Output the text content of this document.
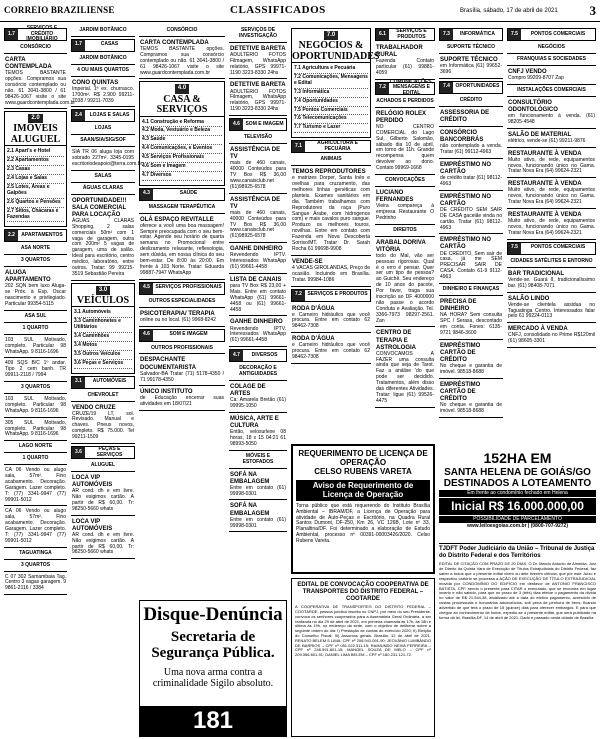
CORREIO BRAZILIENSE	CLASSIFICADOS	Brasília, sábado, 17 de abril de 2021 3
1.7
SERVIÇOS E CRÉDITO IMOBILIÁRIO
CONSÓRCIO
CARTA CONTEMPLADA
TEMOS BASTANTE opções. Compramos sua consórcio contemplado ou não. 61 3041-3800 / 61 98426-1067 visite o site www.guardcontemplada.com.br
2.0
IMÓVEIS ALUGUEL
2.1 Apart's e Hotel
2.2 Apartamentos
2.3 Casas
2.4 Lojas e Salas
2.5 Lotes, Áreas e Galpões
2.6 Quartos e Pensões
2.7 Sítios, Chácaras e Fazendas
2.2	APARTAMENTOS
ASA NORTE
3 QUARTOS
ALUGA APARTAMENTO
202 SQN bem luxo Aluga-se Próx. à Esp. Oscar nascimento e privilegiado. Particular 99354-5115
ASA SUL
1 QUARTO
103 SUL Motivado, completo. Particular 98 WhatsApp. 9 8116-1696
409 SQS B/C 1º andar. Tipo 2 cem banh. TR 99911-2118 / 7994
3 QUARTOS
103 SUL Motivado, completo. Particular 98 WhatsApp. 9 8116-1696
305 SUL Motivado, completo. Particular 98 WhatsApp. 9 8116-1696
LAGO NORTE
1 QUARTO
CA 06 Vendo ou alugo sala, 57m². Fino acabamento. Decoração. Garagem. Lazer completo. T: (77) 3341-9947 (77) 99901-5012
CA 06 Vendo ou alugo sala, 57m². Fino acabamento. Decoração. Garagem. Lazer completo. T: (77) 3341-9947 (77) 99901-5012
TAGUATINGA
3 QUARTOS
C 07 302 Samambaia Tag. Centro 3 vagas garagem. 9 9861-2116 / 3384
JARDIM BOTÂNICO
1.7	CASAS
JARDIM BOTÂNICO
4 OU MAIS QUARTOS
CONO QUINTAS
Imperial. 1ª ex. churrasco. 1700m². R$ 2.900 99211-7038 / 99211-7039
2.4	LOJAS E SALAS
LOJAS
SAAN/SIA/SIG/SOF
SIA TR 06 aluga loja com sobrado 227m². 3345-0195 escritoriodeapoio@terra.com.br
SALAS
ÁGUAS CLARAS
OPORTUNIDADE!!! SALA COMERCIAL PARA LOCAÇÃO
ÁGUAS CLARAS Shopping, 2 salas comerciais 50m² com 1 vaga de garagem, outra com 200m² 5 vagas de garagem, uma de salão. Ideal para escritório, centro médico, laboratório, entre outros. Tratar: 99 99215-3519 Sebastião Pereira
3.0
VEÍCULOS
3.1 Automóveis
3.3 Caminhonetes e Utilitários
3.4 Caminhões
3.4 Motos
3.5 Outros Veículos
3.6 Peças e Serviços
3.1	AUTOMÓVEIS
CHEVROLET
VENDO CRUZE
CRUZE/19 LT, sol. Revisado. Manual e chaves. Pneus novos, completo. R$ 75.000. Tel 99211-1509
3.6	PEÇAS E SERVIÇOS
ALUGUEL
LOCA VIP AUTOMÓVEIS
AR cond. dh e em livre. Não exigimos cartão. A partir de R$ 60,00. Tr: 98250-5660 whats
LOCA VIP AUTOMÓVEIS
AR cond. dh e em livre. Não exigimos cartão. A partir de R$ 60,00. Tr: 98250-5660 whats
CONSÓRCIO
CARTA CONTEMPLADA
TEMOS BASTANTE opções. Compramos sua consórcio contemplado ou não. 61 3041-3800 / 61 98426-1067 visite o site www.guardcontemplada.com.br
4.0
CASA & SERVIÇOS
4.1 Construção e Reforma
4.2 Moda, Vestuário e Beleza
4.3 Saúde
4.4 Comunicações, e Eventos
4.5 Serviços Profissionais
4.6 Som e Imagem
4.7 Diversos
4.3	SAÚDE
MASSAGEM TERAPÊUTICA
OLÁ ESPAÇO REVITALLE
oferece a você uma boa massagem! Sempre preocupada com o seu bem-estar. Agende seu horário de quarta semana no Promocional entre deslizamento relaxante, reflexologia, sem dúvida, em nossa clínica do seu bem-estar. De 8:00 às 20:00. Em frente à 103 Norte. Tratar: Eduarda 99887-7947 WhatsApp
4.5	SERVIÇOS PROFISSIONAIS
OUTROS ESPECIALIDADES
PSICOTERAPIA/ TERAPIA
online ou no local. (61) 9968-8242
4.6	SOM E IMAGEM
OUTROS PROFISSIONAIS
DESPACHANTE DOCUMENTARISTA
Salvador-BA Tratar (71) 5178-4350 / 71 99178-4350
ÚNICO INSTITUTO
de Educação encerrar suas atividades em 18/07/21
SERVIÇOS DE INVESTIGAÇÃO
DETETIVE BARETA
ADULTÉRIO FOTOS Filmagem, WhatsApp relatório, GPS 99971-1190 3223-8330 24hs
DETETIVE BARETA
ADULTÉRIO FOTOS Filmagem, WhatsApp relatório, GPS 99971-1190 3223-8330 24hs
4.6	SOM E IMAGEM
TELEVISÃO
ASSISTÊNCIA DE TV
mais de 460 canais, 40000 Conteúdos para TV Box R$ 36,00 www.canaisclub.net (61)98925-6578
ASSISTÊNCIA DE TV
mais de 460 canais, 40000 Conteúdos para TV Box R$ 36,00 www.canaisclub.net (61)98925-6578
GANHE DINHEIRO
Revendendo IPTV. Interessados WhatsApp (61) 99661-4458
LISTA DE CANAIS
para TV Box R$ 23,00 + Mais. Entre em contato WhatsApp (61) 99661-4458 ou (61) 99661-4458
GANHE DINHEIRO
Revendendo IPTV. Interessados WhatsApp (61) 99661-4458
4.7	DIVERSOS
DECORAÇÃO E ANTIGUIDADES
COLAGE DE ARTES
Ca: Amarela Bretão (61) 99995-1050
MÚSICA, ARTE E CULTURA
Então, velosurlexe 08 horas, 18 x 15 04:21 61 98993-5050
MÓVEIS E ESTOFADOS
SOFÁ NA EMBALAGEM
Entre em contato (61) 99998-0301
SOFÁ NA EMBALAGEM
Entre em contato (61) 99998-0301
7.0
NEGÓCIOS & OPORTUNIDADES
7.1 Agricultura e Pecuária
7.2 Comunicações, Mensagens e Edital
7.3 Informática
7.4 Oportunidades
7.5 Pontos Comerciais
7.6 Telecomunicações
7.7 Turismo e Lazer
7.1	AGRICULTURA E PECUÁRIA
ANIMAIS
TEMOS REPRODUTORES
e matrizes Dorper, Santa Inês e ovelhas para cruzamento, das melhores linhas genéticas com planteis. Exames sanitários em dia. Também trabalhamos com Reprodutores da raça (Puro Sangue Árabe, com hidrogenos com) e mais cavalos puro sangue. Produzo os melhores touros, novilhas. Entre em contato com Fazenda em Nova Descoberta Sorriso/MT. Tratar Dr. Sarah Rocha 61 99698-9908
VENDE-SE
4 VACAS GIROLANDAS, Preço de ocasião. Incluindo em Brasília. Tratar. 99984-1086
7.2	SERVIÇOS E PRODUTOS
RODA D'ÁGUA
e Carneiro hidráulico que você procura. Entre em contato 62 98462-7308
RODA D'ÁGUA
e Carneiro hidráulico que você procura. Entre em contato 62 98462-7308
6.1	SERVIÇOS E PRODUTOS
TRABALHADOR RURAL
Fazenda Contato particular (61) 99881-4059
7.2
COMUNICAÇÕES, MENSAGENS E EDITAL
ACHADOS E PERDIDOS
RELÓGIO ROLEX PERDIDO
NO CENTRO COMERCIAL do Lago Sul, Gilberto Salomão, sábado dia 10 de abril, em torno de 11h. Grande recompensa quem devolver ao dono. Contato 99969-1668
CONVOCAÇÕES
LUCIANO FERNANDES
Vieira compareça à empresa Restaurante O Pedrinho
DIREITOS
ARABAL DORIVA VITÓRIA
todo do Mal, vão ser pessoas rigorosas. Qual é o erro é pensar. Quer ser um tipo de pessoa? ao Guichê. Seu endereço de 10 anos do pacote, Por favor, traga sua inscrição ao DF 4000000 não passe o acordo Conduta e Avaliação. Tel. 3366-7973 98297-2561. Zan
CENTRO DE TERAPIA E ASTROLOGIA
CONVOCAMOS A FAZER uma consulta ainda que seja de Tarot. Faz a análise 'do que pode ser decidido. Tratamentos, além disso das diferentes Atividades. Tratar: ligue (61) 99526-4475
7.3	INFORMÁTICA
SUPORTE TÉCNICO
SUPORTE TÉCNICO
em Informática (61) 99652-3696
7.4	OPORTUNIDADES
CRÉDITO
ASSESSORIA DE CRÉDITO
CONSÓRCIO BANCORBRÁS
não contemplado a venda. Tratar (61) 99112-4963
EMPRÉSTIMO NO CARTÃO
de crédito tratar (61) 98112-4963
EMPRÉSTIMO NO CARTÃO
DE CRÉDITO SEM SAIR DE CASA gaceiãe vinda no cartão. Tratar (61) 98112-4963
EMPRÉSTIMO NO CARTÃO
DE CRÉDITO, Sem sair de casa, já me SEM PRECISAR SAIR DE CASA. Contato 61-9 9112-4963
DINHEIRO E FINANÇAS
PRECISA DE DINHEIRO
NA HORA? Sem consulta SPC / Serasa, descontado em conta. Fones: 6135-9721 9846-3600
EMPRÉSTIMO CARTÃO DE CRÉDITO
No cheque e garantia de imóvel. 98518-8688
EMPRÉSTIMO CARTÃO DE CRÉDITO
No cheque e garantia de imóvel. 98518-8688
7.5	PONTOS COMERCIAIS
NEGÓCIOS
FRANQUIAS E SOCIEDADES
CNFJ VENDO
Compro 99209-8707 Zap
INSTALAÇÕES COMERCIAIS
CONSULTÓRIO ODONTOLÓGICO
em funcionamento à venda. (61) 98205-4548
SALÃO DE MATERIAL
elétrico, vende-se (61) 99211-9876
RESTAURANTE À VENDA
Muito ativo, de rede, equipamentos novos, funcionando único no Gama. Tratar Nova Era (64) 99624-2321
RESTAURANTE À VENDA
Muito ativo, de rede, equipamentos novos, funcionando único no Gama. Tratar Nova Era (64) 99624-2321
RESTAURANTE À VENDA
Muito ativo, de rede, equipamentos novos, funcionando único no Gama. Tratar Nova Era (64) 99624-2321
7.5	PONTOS COMERCIAIS
CIDADES SATÉLITES E ENTORNO
BAR TRADICIONAL
Vende-se. Guará II, tradicionalíssimo bar. (61) 98408-7071
SALÃO LINDO
Vende-se clientela assidua no Taguatinga Centro. Interessados falar pelo 61 99224-0113
MERCADO À VENDA
CNFJ, consolidado no Prime R$120mil (61) 98605-3301
Disque-Denúncia
Secretaria de Segurança Pública.
Uma nova arma contra a criminalidade Sigilo absoluto.
181
REQUERIMENTO DE LICENÇA DE OPERAÇÃO
CELSO RUBENS VARETA
Aviso de Requerimento de Licença de Operação
Torna público que está requerendo do Instituto Brasília Ambiental – IBRAM/DF, a Licença de Operação para atividade de Auto-Peças e Escritório, na Quadra Rural Santos Dumont, DF-250, Km 26, VC 126B, Lote nº 33, Planaltina/DF. Foi determinado a elaboração de Estudo Ambiental, processo nº 00391-00003426/2020. Celso Rubens Vareta.
EDITAL DE CONVOCAÇÃO COOPERATIVA DE TRANSPORTES DO DISTRITO FEDERAL – COOTARDE
A COOPERATIVA DE TRANSPORTES DO DISTRITO FEDERAL – COOTARDE, pessoa jurídica inscrita no CNPJ, por meio do seu Presidente, convoca os senhores cooperados para a Assembleia Geral Ordinária, a ser realizada no dia 29 de abril de 2021, em primeira chamada às 17h, às 18h e última às 19h, no endereço da sede, com o objetivo de deliberar sobre a seguinte ordem do dia: I) Prestação de contas do exercício 2020; II) Eleição do Conselho Fiscal; III) Assuntos gerais. Brasília, 12 de abril de 2021. RENATO BELEM S LIMA; CPF nº 206.941.091-90; JEOVÂNIO LUMBÂNDO DE BARRIOS – CPF nº 051.022.311-15; RAIMUNDO NEIVA FERREIRA – CPF nº 246.591.601-15; MANOEL SOUZA DE MELO – CPF nº 209.356.601-91; DANIEL LIMA BELEM – CPF nº 180.231.121-72.
152HA EM
SANTA HELENA DE GOIÁS/GO DESTINADOS A LOTEAMENTO
Em frente ao condomínio fechado em Helena
Inicial R$ 16.000.000,00
POSSIBILIDADE DE PARCELAMENTO
www.leiloesgoias.com.br | (0800-707-9272)
TJDFT Poder Judiciário da União – Tribunal de Justiça do Distrito Federal e dos Territórios
EDITAL DE CITAÇÃO COM PRAZO DE 20 DIAS. O Dr. Marcio Antonio de Almeida, Juiz de Direito da Quinta Vara de Execução de Títulos Extrajudiciais do Distrito Federal, faz saber a todos que o presente edital virem ou dele tiverem ciência, que por este Juízo e respectivo cartório se processa a AÇÃO DE EXECUÇÃO DE TÍTULO EXTRAJUDICIAL movida por CONDOMÍNIO DO EDIFÍCIO em desfavor de ANTONIO FRANCISCO BATISTA, CPF, sendo o presente para CITAR o executado, que se encontra em lugar incerto e não sabido, para que no prazo de 3 (três) dias efetue o pagamento da dívida no valor de R$ 21.544,38, atualizado até a data do efetivo pagamento, acrescido de custas processuais e honorários advocatícios, sob pena de penhora de bens, ficando advertido de que terá o prazo de 15 (quinze) dias para oferecer embargos. E para que chegue ao conhecimento de todos, expediu-se o presente edital, que será publicado na forma da lei. Brasília-DF, 14 de abril de 2021. Dado e passado nesta cidade de Brasília.
